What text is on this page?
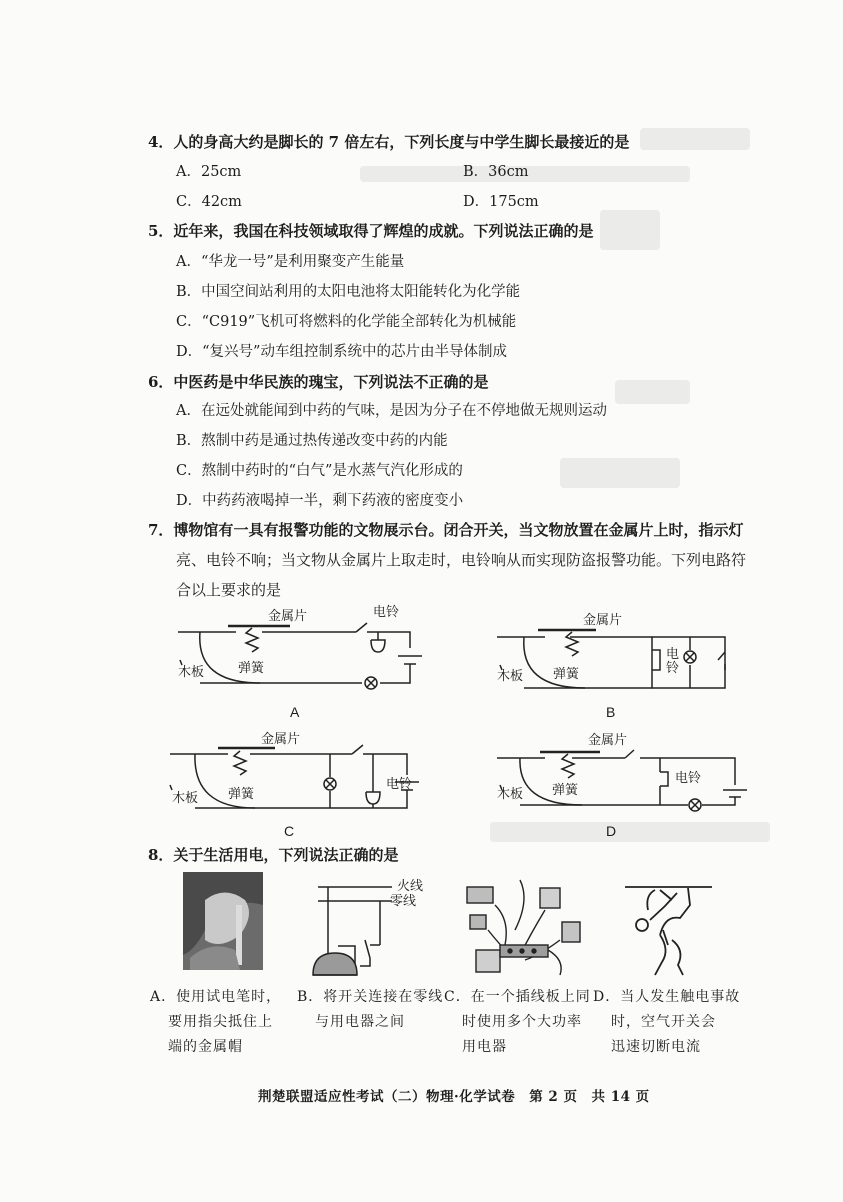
4．人的身高大约是脚长的 7 倍左右，下列长度与中学生脚长最接近的是
A．25cm	B．36cm
C．42cm	D．175cm
5．近年来，我国在科技领域取得了辉煌的成就。下列说法正确的是
A．“华龙一号”是利用聚变产生能量
B．中国空间站利用的太阳电池将太阳能转化为化学能
C．“C919”飞机可将燃料的化学能全部转化为机械能
D．“复兴号”动车组控制系统中的芯片由半导体制成
6．中医药是中华民族的瑰宝，下列说法不正确的是
A．在远处就能闻到中药的气味，是因为分子在不停地做无规则运动
B．熬制中药是通过热传递改变中药的内能
C．熬制中药时的“白气”是水蒸气汽化形成的
D．中药药液喝掉一半，剩下药液的密度变小
7．博物馆有一具有报警功能的文物展示台。闭合开关，当文物放置在金属片上时，指示灯
亮、电铃不响；当文物从金属片上取走时，电铃响从而实现防盗报警功能。下列电路符
合以上要求的是
金属片	电铃
木板	弹簧
A
金属片
电
铃
木板 弹簧
B
金属片
电铃
木板 弹簧
C
金属片
电铃
木板 弹簧
D
8．关于生活用电，下列说法正确的是
火线
零线
A．使用试电笔时，
要用指尖抵住上
端的金属帽
B．将开关连接在零线
与用电器之间
C．在一个插线板上同
时使用多个大功率
用电器
D．当人发生触电事故
时，空气开关会
迅速切断电流
荆楚联盟适应性考试（二）物理·化学试卷　第 2 页　共 14 页
